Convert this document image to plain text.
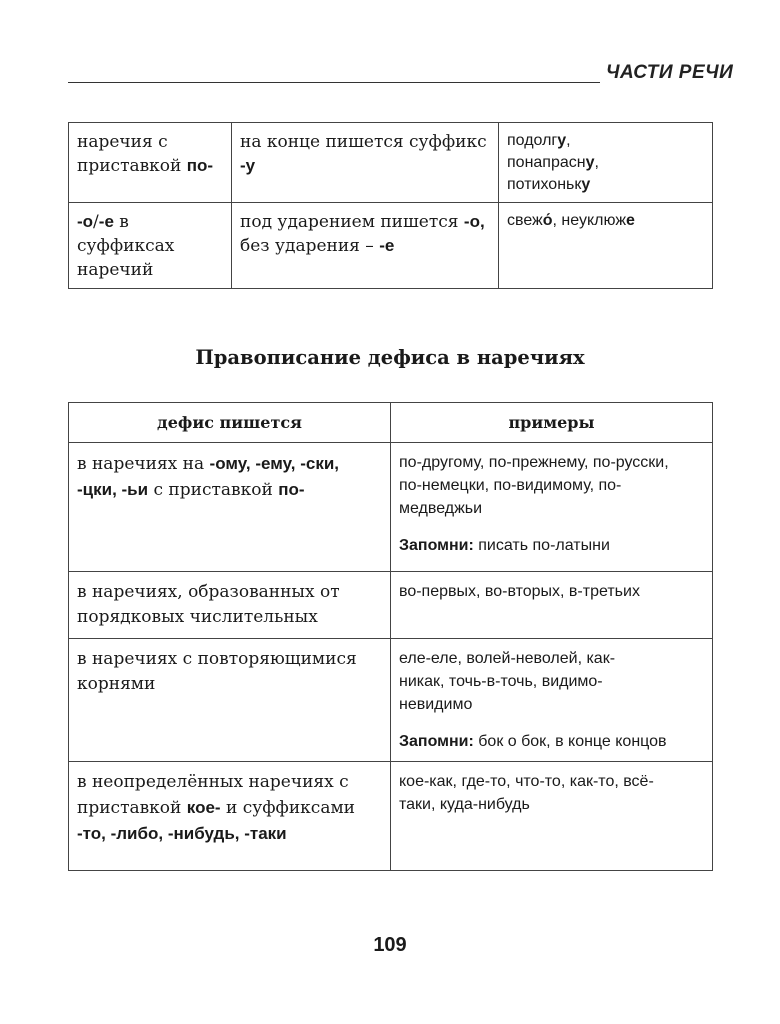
ЧАСТИ РЕЧИ
наречия с приставкой по-	на конце пишется суффикс -у	подолгу,
понапрасну,
потихоньку
-о/-е в суффиксах наречий	под ударением пишется -о, без ударения – -е	свежо́, неуклюже
Правописание дефиса в наречиях
дефис пишется	примеры
в наречиях на -ому, -ему, -ски, -цки, -ьи с приставкой по-	по-другому, по-прежнему, по-русски, по-немецки, по-видимому, по-медведжьи
Запомни: писать по-латыни

в наречиях, образованных от порядковых числительных	во-первых, во-вторых, в-третьих
в наречиях с повторяющимися корнями	еле-еле, волей-неволей, как-никак, точь-в-точь, видимо-невидимо
Запомни: бок о бок, в конце концов

в неопределённых наречиях с приставкой кое- и суффиксами -то, -либо, -нибудь, -таки	кое-как, где-то, что-то, как-то, всё-таки, куда-нибудь
109
